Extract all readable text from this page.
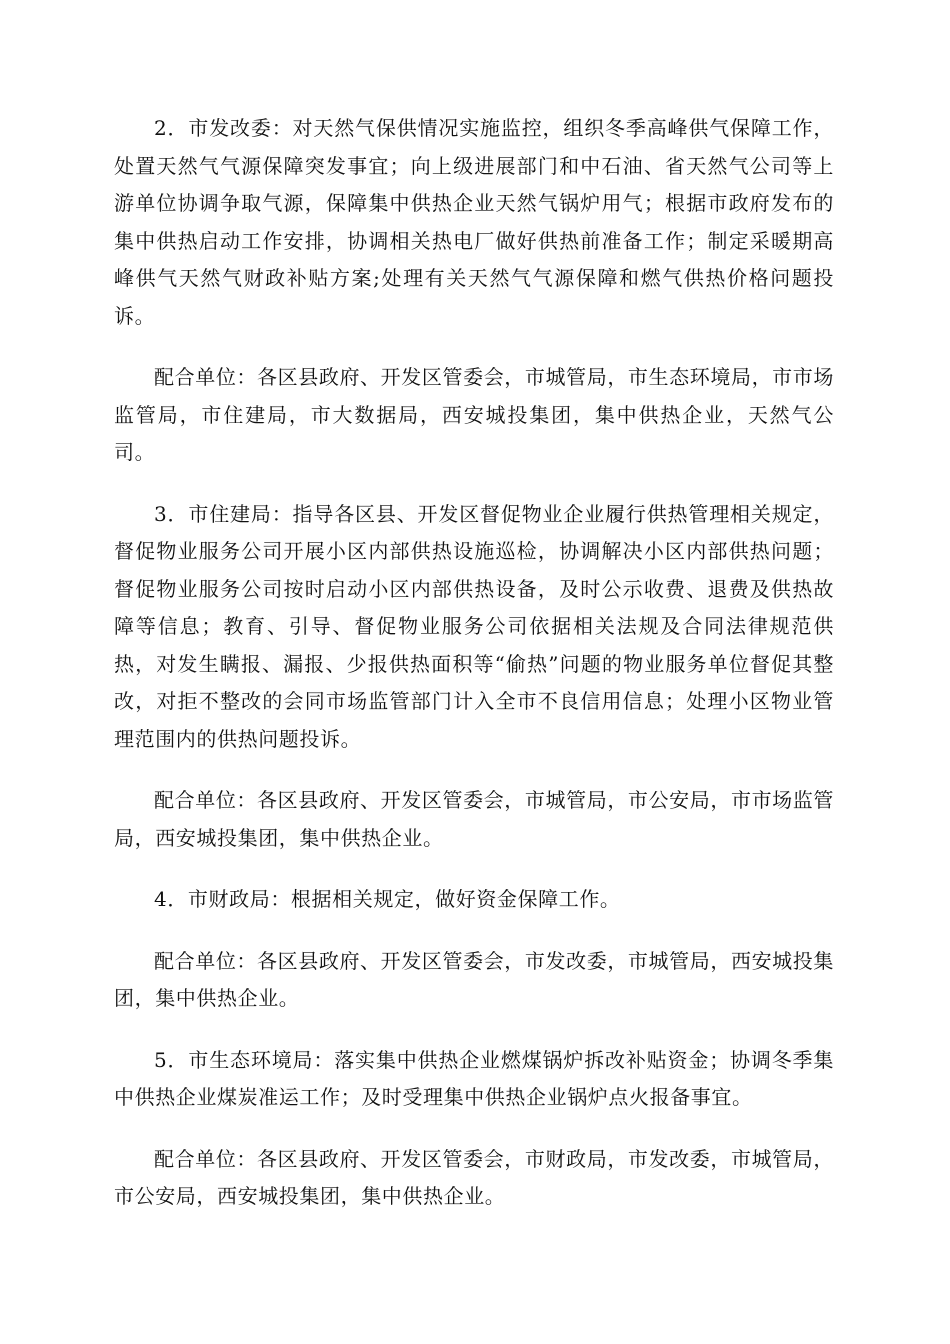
2．市发改委：对天然气保供情况实施监控，组织冬季高峰供气保障工作，处置天然气气源保障突发事宜；向上级进展部门和中石油、省天然气公司等上游单位协调争取气源，保障集中供热企业天然气锅炉用气；根据市政府发布的集中供热启动工作安排，协调相关热电厂做好供热前准备工作；制定采暖期高峰供气天然气财政补贴方案;处理有关天然气气源保障和燃气供热价格问题投诉。

配合单位：各区县政府、开发区管委会，市城管局，市生态环境局，市市场监管局，市住建局，市大数据局，西安城投集团，集中供热企业，天然气公司。

3．市住建局：指导各区县、开发区督促物业企业履行供热管理相关规定，督促物业服务公司开展小区内部供热设施巡检，协调解决小区内部供热问题；督促物业服务公司按时启动小区内部供热设备，及时公示收费、退费及供热故障等信息；教育、引导、督促物业服务公司依据相关法规及合同法律规范供热，对发生瞒报、漏报、少报供热面积等“偷热”问题的物业服务单位督促其整改，对拒不整改的会同市场监管部门计入全市不良信用信息；处理小区物业管理范围内的供热问题投诉。

配合单位：各区县政府、开发区管委会，市城管局，市公安局，市市场监管局，西安城投集团，集中供热企业。

4．市财政局：根据相关规定，做好资金保障工作。

配合单位：各区县政府、开发区管委会，市发改委，市城管局，西安城投集团，集中供热企业。

5．市生态环境局：落实集中供热企业燃煤锅炉拆改补贴资金；协调冬季集中供热企业煤炭准运工作；及时受理集中供热企业锅炉点火报备事宜。

配合单位：各区县政府、开发区管委会，市财政局，市发改委，市城管局，市公安局，西安城投集团，集中供热企业。
